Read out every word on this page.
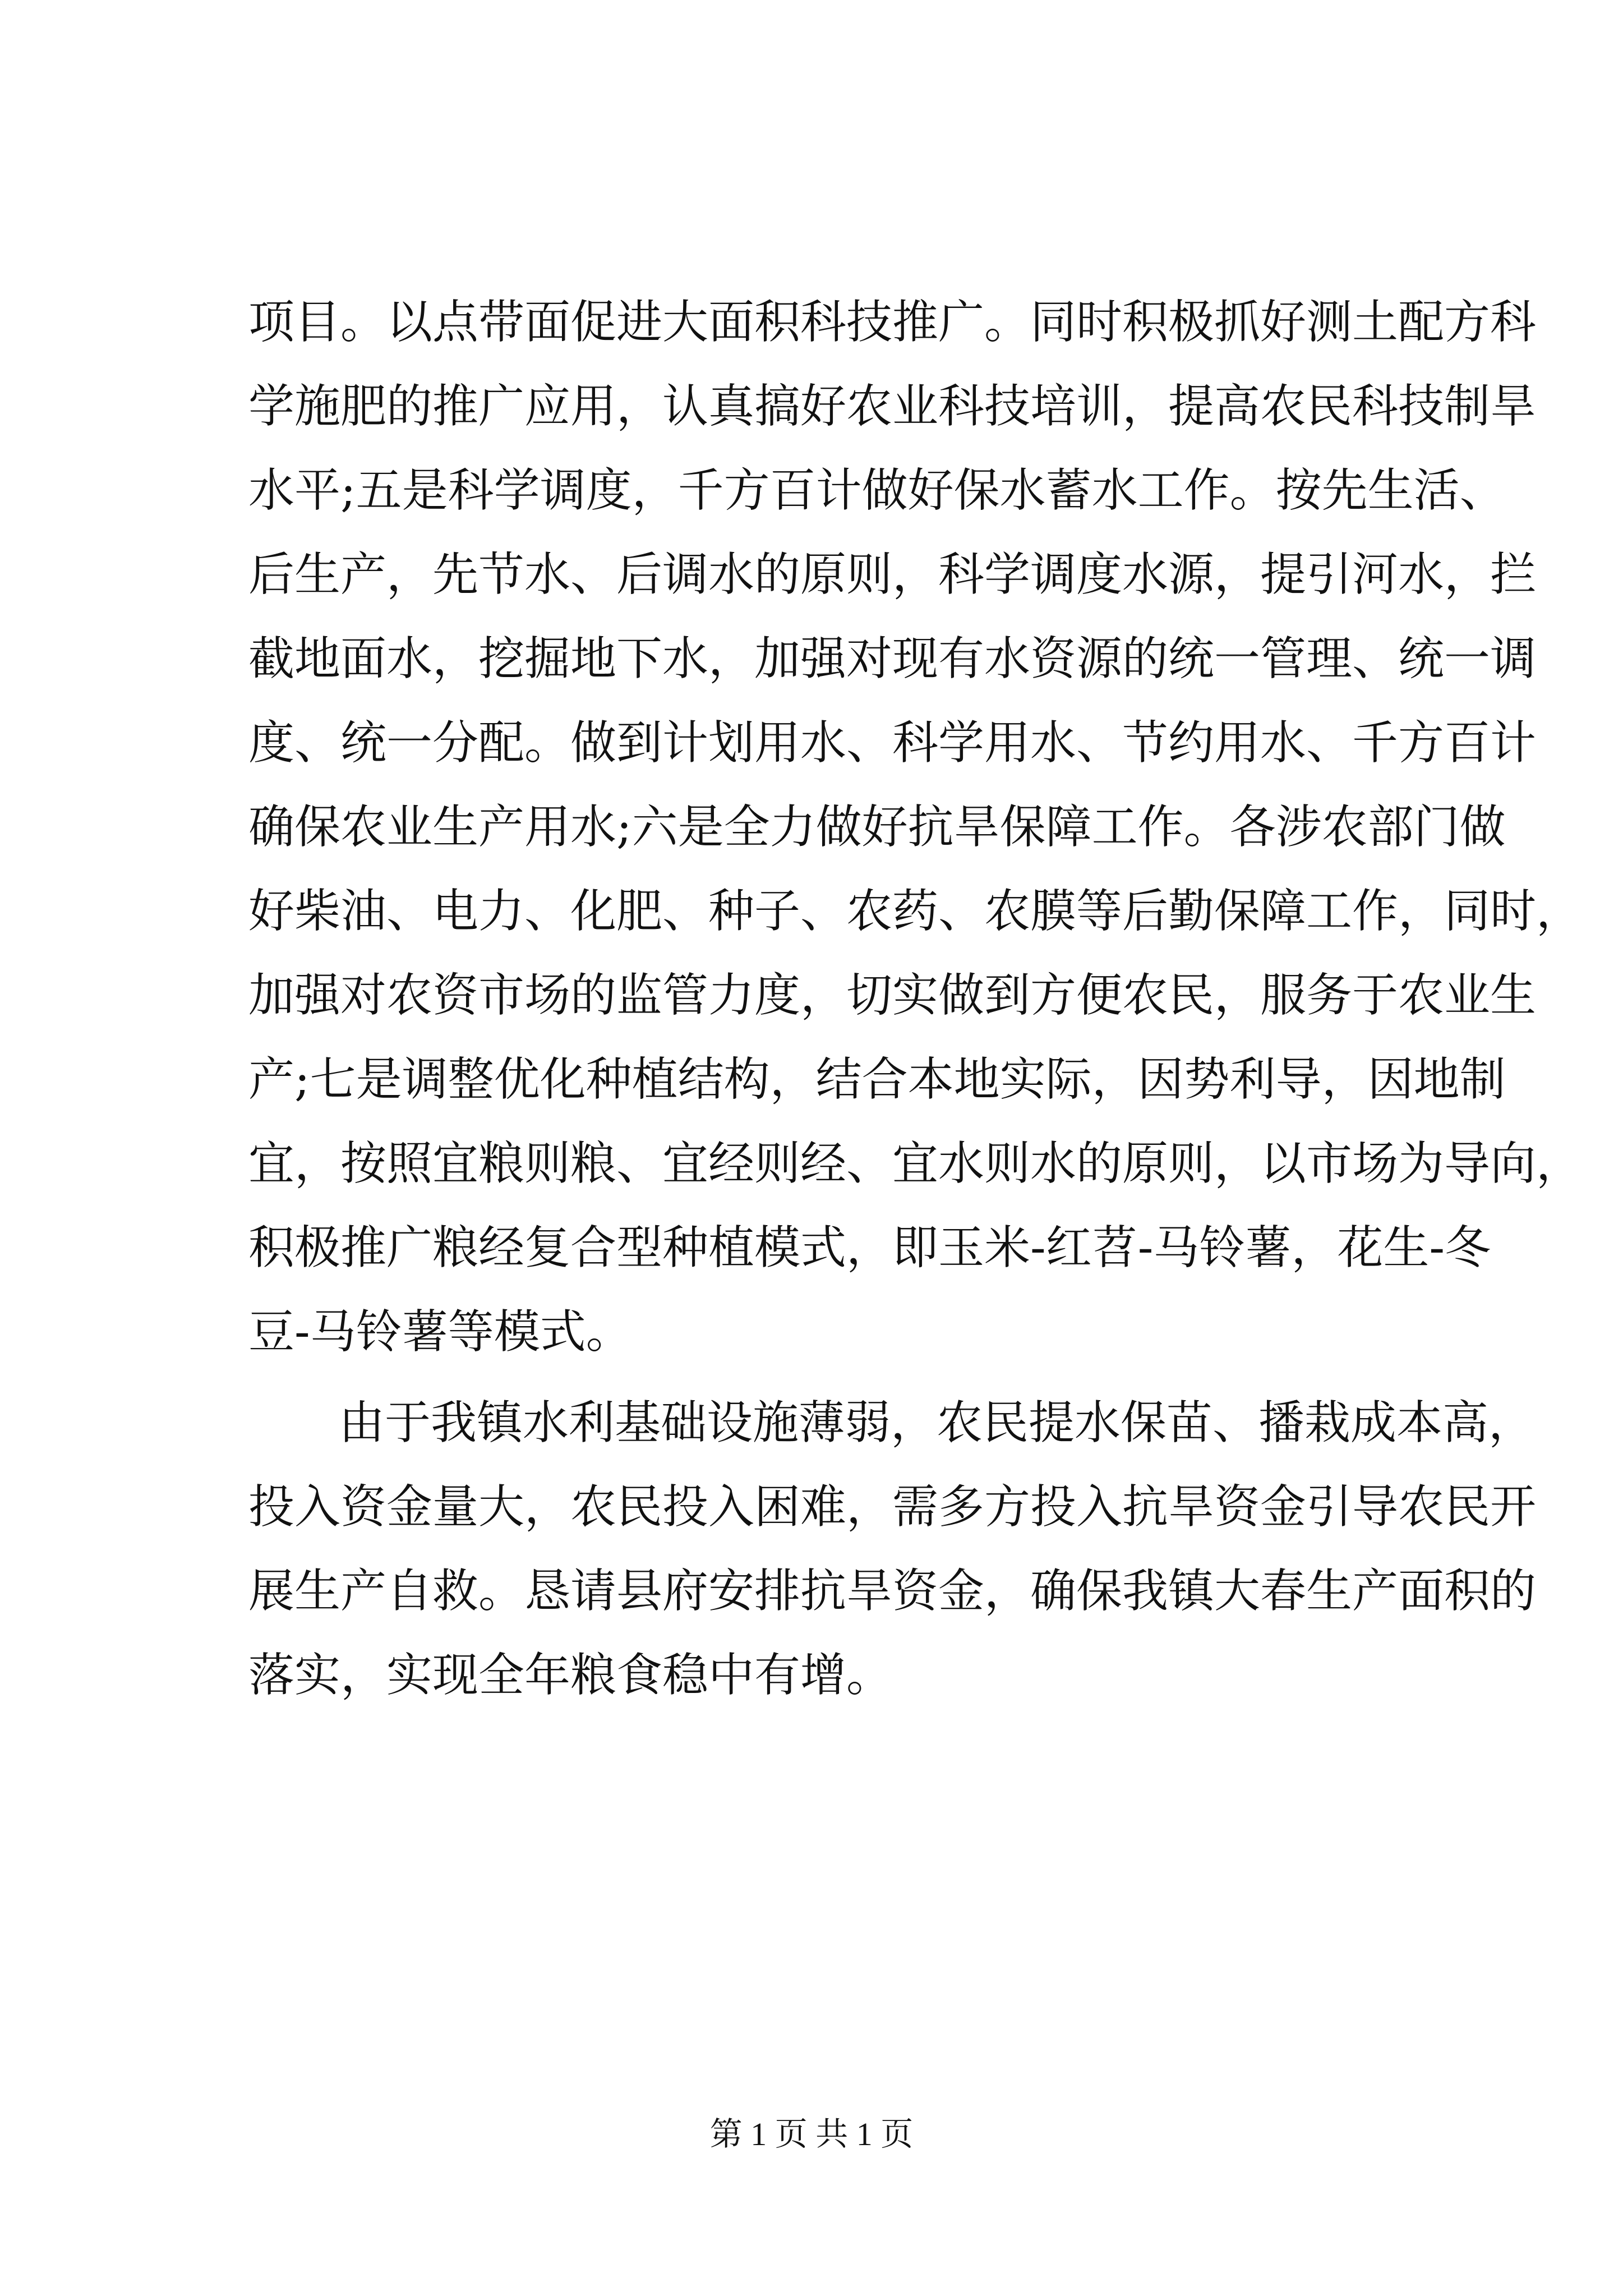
项目。以点带面促进大面积科技推广。同时积极抓好测土配方科
学施肥的推广应用，认真搞好农业科技培训，提高农民科技制旱
水平;五是科学调度，千方百计做好保水蓄水工作。按先生活、
后生产，先节水、后调水的原则，科学调度水源，提引河水，拦
截地面水，挖掘地下水，加强对现有水资源的统一管理、统一调
度、统一分配。做到计划用水、科学用水、节约用水、千方百计
确保农业生产用水;六是全力做好抗旱保障工作。各涉农部门做
好柴油、电力、化肥、种子、农药、农膜等后勤保障工作，同时，
加强对农资市场的监管力度，切实做到方便农民，服务于农业生
产;七是调整优化种植结构，结合本地实际，因势利导，因地制
宜，按照宜粮则粮、宜经则经、宜水则水的原则，以市场为导向，
积极推广粮经复合型种植模式，即玉米-红苕-马铃薯，花生-冬
豆-马铃薯等模式。
由于我镇水利基础设施薄弱，农民提水保苗、播栽成本高，
投入资金量大，农民投入困难，需多方投入抗旱资金引导农民开
展生产自救。恳请县府安排抗旱资金，确保我镇大春生产面积的
落实，实现全年粮食稳中有增。
第 1 页 共 1 页
